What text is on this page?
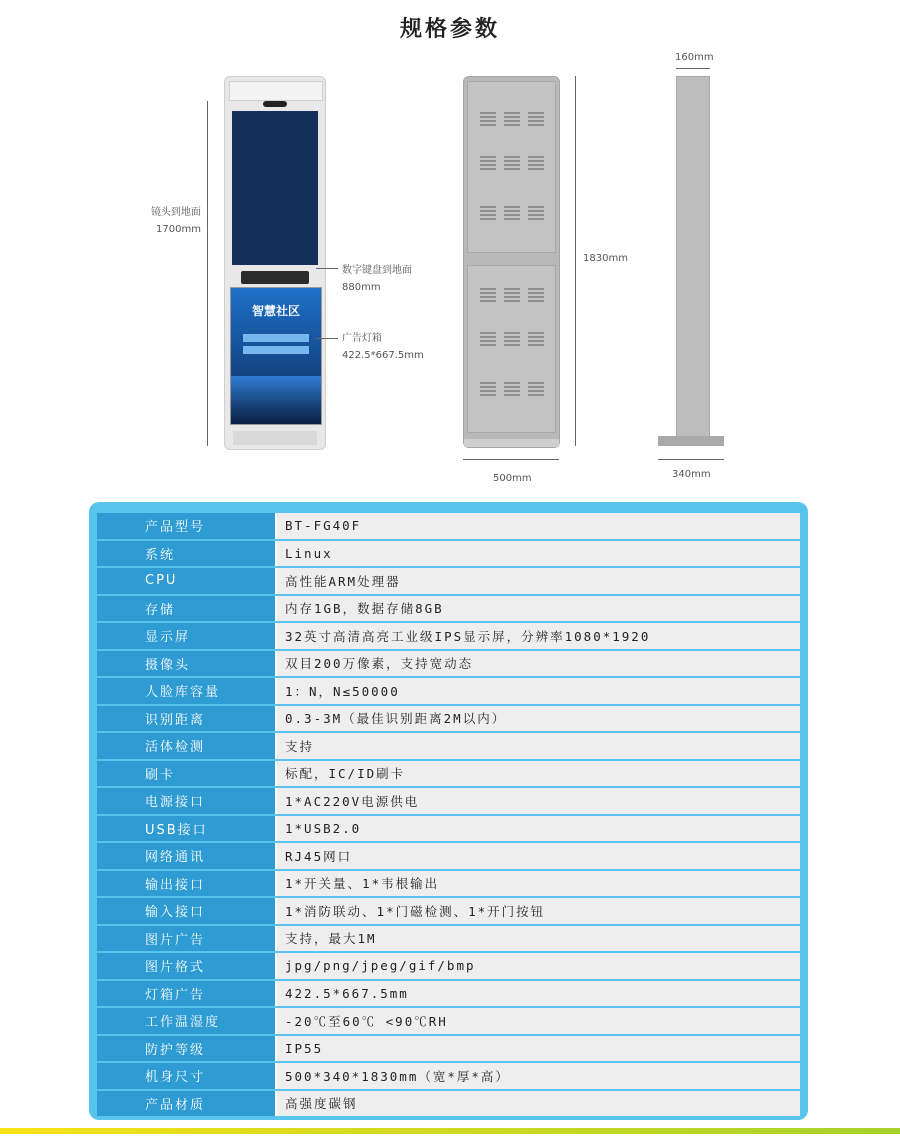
规格参数
镜头到地面
1700mm
智慧社区
数字键盘到地面
880mm
广告灯箱
422.5*667.5mm
1830mm
500mm
160mm
340mm
产品型号	BT-FG40F
系统	Linux
CPU	高性能ARM处理器
存储	内存1GB，数据存储8GB
显示屏	32英寸高清高亮工业级IPS显示屏，分辨率1080*1920
摄像头	双目200万像素，支持宽动态
人脸库容量	1：N，N≤50000
识别距离	0.3-3M（最佳识别距离2M以内）
活体检测	支持
刷卡	标配，IC/ID刷卡
电源接口	1*AC220V电源供电
USB接口	1*USB2.0
网络通讯	RJ45网口
输出接口	1*开关量、1*韦根输出
输入接口	1*消防联动、1*门磁检测、1*开门按钮
图片广告	支持，最大1M
图片格式	jpg/png/jpeg/gif/bmp
灯箱广告	422.5*667.5mm
工作温湿度	-20℃至60℃ <90℃RH
防护等级	IP55
机身尺寸	500*340*1830mm（宽*厚*高）
产品材质	高强度碳钢
